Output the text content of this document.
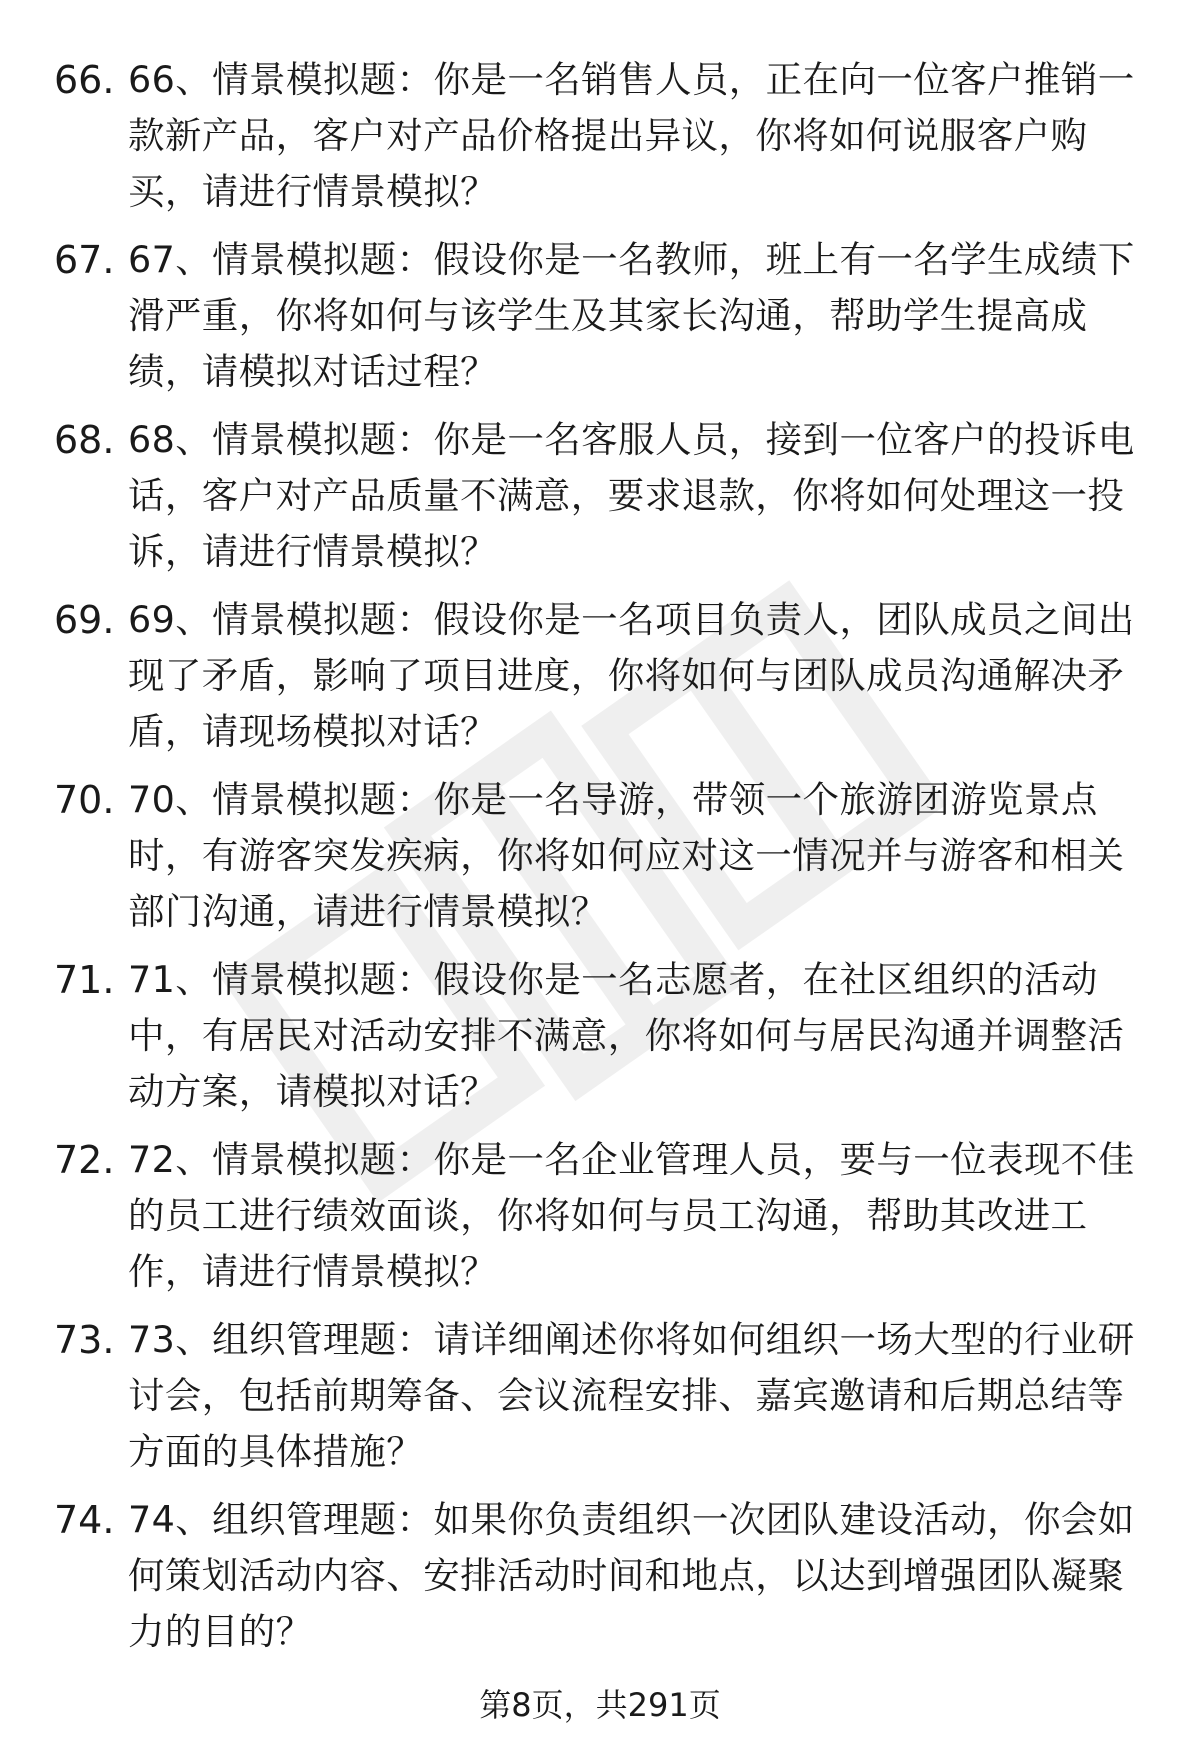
66. 66、情景模拟题：你是一名销售人员，正在向一位客户推销一款新产品，客户对产品价格提出异议，你将如何说服客户购买，请进行情景模拟？
67. 67、情景模拟题：假设你是一名教师，班上有一名学生成绩下滑严重，你将如何与该学生及其家长沟通，帮助学生提高成绩，请模拟对话过程？
68. 68、情景模拟题：你是一名客服人员，接到一位客户的投诉电话，客户对产品质量不满意，要求退款，你将如何处理这一投诉，请进行情景模拟？
69. 69、情景模拟题：假设你是一名项目负责人，团队成员之间出现了矛盾，影响了项目进度，你将如何与团队成员沟通解决矛盾，请现场模拟对话？
70. 70、情景模拟题：你是一名导游，带领一个旅游团游览景点时，有游客突发疾病，你将如何应对这一情况并与游客和相关部门沟通，请进行情景模拟？
71. 71、情景模拟题：假设你是一名志愿者，在社区组织的活动中，有居民对活动安排不满意，你将如何与居民沟通并调整活动方案，请模拟对话？
72. 72、情景模拟题：你是一名企业管理人员，要与一位表现不佳的员工进行绩效面谈，你将如何与员工沟通，帮助其改进工作，请进行情景模拟？
73. 73、组织管理题：请详细阐述你将如何组织一场大型的行业研讨会，包括前期筹备、会议流程安排、嘉宾邀请和后期总结等方面的具体措施？
74. 74、组织管理题：如果你负责组织一次团队建设活动，你会如何策划活动内容、安排活动时间和地点，以达到增强团队凝聚力的目的？
第8页，共291页
